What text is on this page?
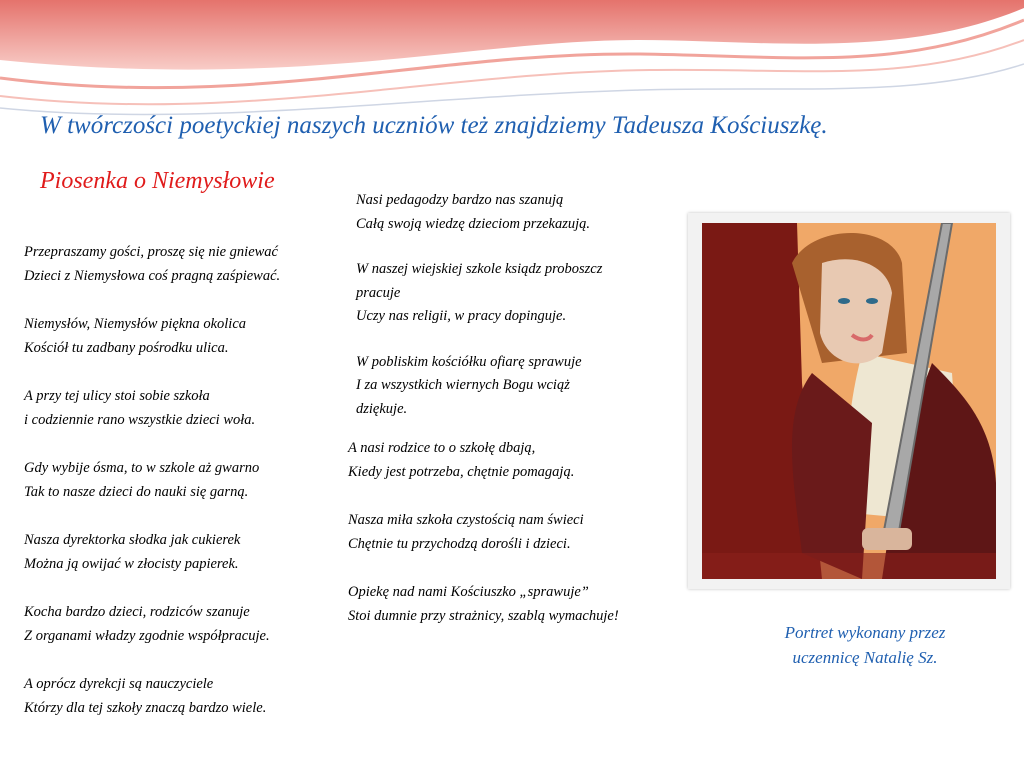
W twórczości poetyckiej naszych uczniów też znajdziemy Tadeusza Kościuszkę.
Piosenka o Niemysłowie
Przepraszamy gości, proszę się nie gniewać
Dzieci z Niemysłowa coś pragną zaśpiewać.
Niemysłów, Niemysłów piękna okolica
Kościół tu zadbany pośrodku ulica.
A przy tej ulicy stoi sobie szkoła
i codziennie rano wszystkie dzieci woła.
Gdy wybije ósma, to w szkole aż gwarno
Tak to nasze dzieci do nauki się garną.
Nasza dyrektorka słodka jak cukierek
Można ją owijać w złocisty papierek.
Kocha bardzo dzieci, rodziców szanuje
Z organami władzy zgodnie współpracuje.
A oprócz dyrekcji są nauczyciele
Którzy dla tej szkoły znaczą bardzo wiele.
Nasi pedagodzy bardzo nas szanują
Całą swoją wiedzę dzieciom przekazują.
W naszej wiejskiej szkole ksiądz proboszcz
pracuje
Uczy nas religii, w pracy dopinguje.
W pobliskim kościółku ofiarę sprawuje
I za wszystkich wiernych Bogu wciąż
dziękuje.
A nasi rodzice to o szkołę dbają,
Kiedy jest potrzeba, chętnie pomagają.
Nasza miła szkoła czystością nam świeci
Chętnie tu przychodzą dorośli i dzieci.
Opiekę nad nami Kościuszko „sprawuje”
Stoi dumnie przy strażnicy, szablą wymachuje!
Portret wykonany przez
uczennicę Natalię Sz.
